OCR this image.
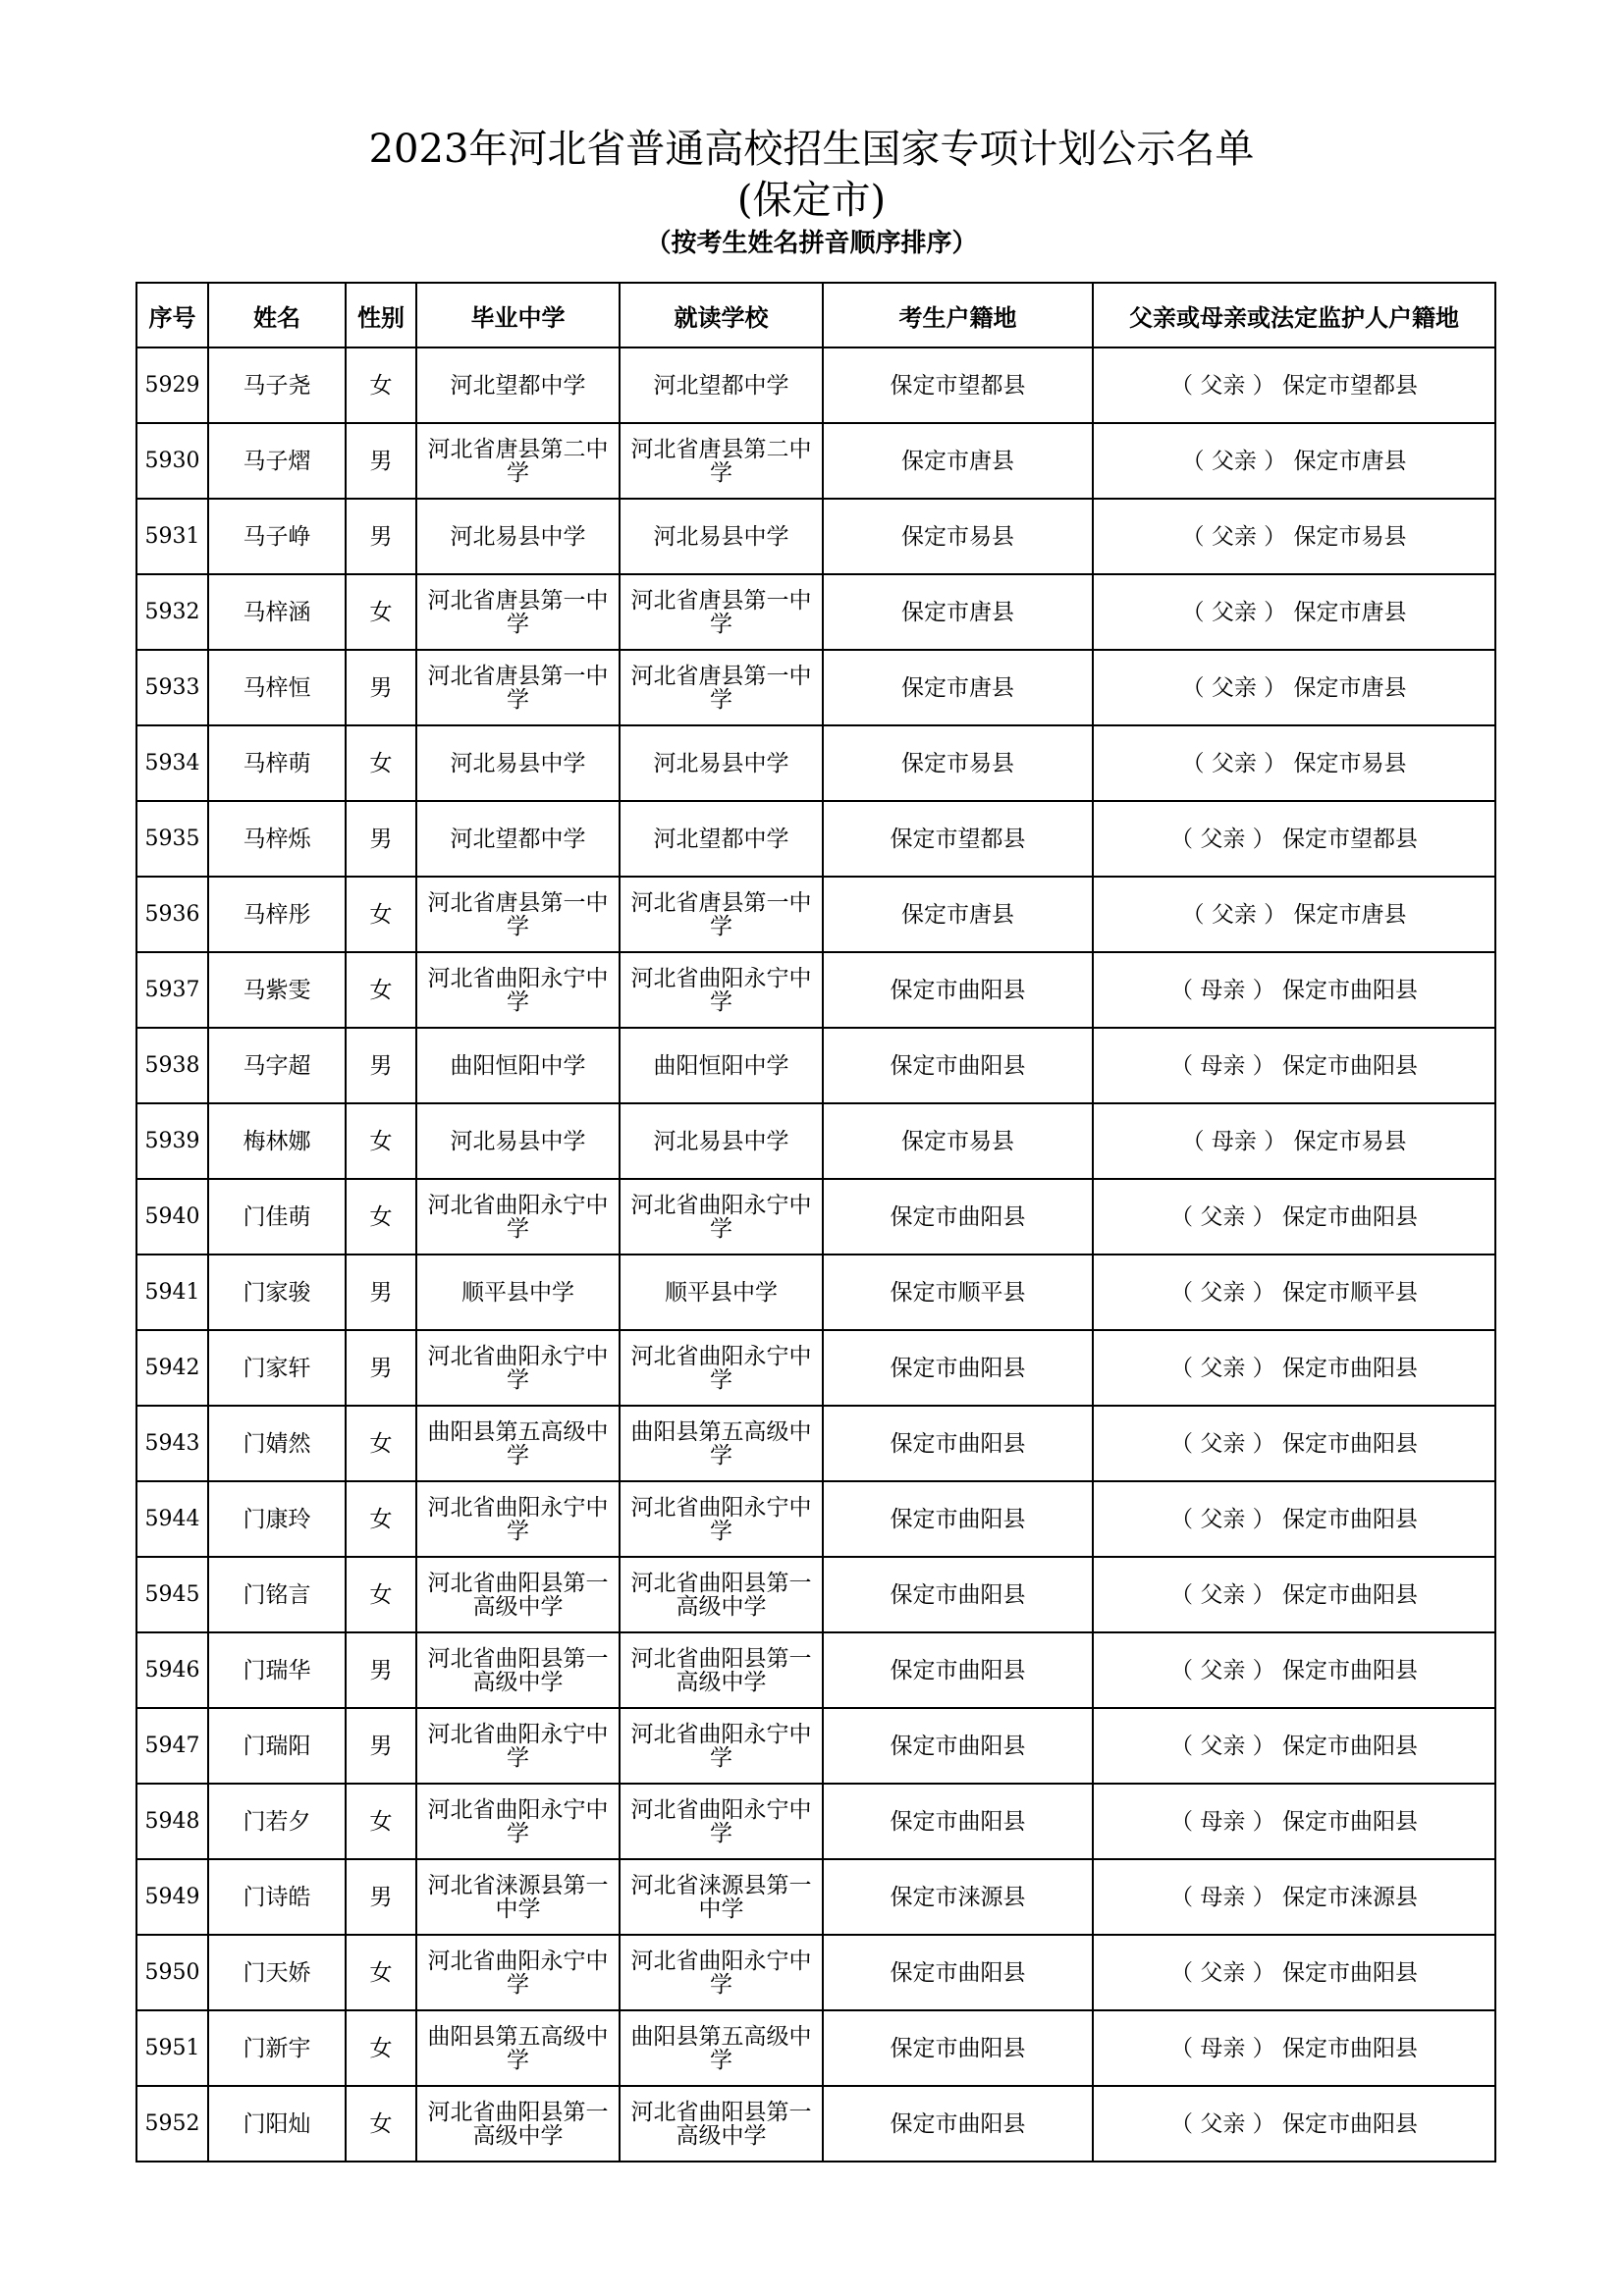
2023年河北省普通高校招生国家专项计划公示名单
(保定市)
（按考生姓名拼音顺序排序）
序号	姓名	性别	毕业中学	就读学校	考生户籍地	父亲或母亲或法定监护人户籍地
5929	马子尧	女	河北望都中学	河北望都中学	保定市望都县	（ 父亲 ） 保定市望都县
5930	马子熠	男	河北省唐县第二中学	河北省唐县第二中学	保定市唐县	（ 父亲 ） 保定市唐县
5931	马子峥	男	河北易县中学	河北易县中学	保定市易县	（ 父亲 ） 保定市易县
5932	马梓涵	女	河北省唐县第一中学	河北省唐县第一中学	保定市唐县	（ 父亲 ） 保定市唐县
5933	马梓恒	男	河北省唐县第一中学	河北省唐县第一中学	保定市唐县	（ 父亲 ） 保定市唐县
5934	马梓萌	女	河北易县中学	河北易县中学	保定市易县	（ 父亲 ） 保定市易县
5935	马梓烁	男	河北望都中学	河北望都中学	保定市望都县	（ 父亲 ） 保定市望都县
5936	马梓彤	女	河北省唐县第一中学	河北省唐县第一中学	保定市唐县	（ 父亲 ） 保定市唐县
5937	马紫雯	女	河北省曲阳永宁中学	河北省曲阳永宁中学	保定市曲阳县	（ 母亲 ） 保定市曲阳县
5938	马字超	男	曲阳恒阳中学	曲阳恒阳中学	保定市曲阳县	（ 母亲 ） 保定市曲阳县
5939	梅林娜	女	河北易县中学	河北易县中学	保定市易县	（ 母亲 ） 保定市易县
5940	门佳萌	女	河北省曲阳永宁中学	河北省曲阳永宁中学	保定市曲阳县	（ 父亲 ） 保定市曲阳县
5941	门家骏	男	顺平县中学	顺平县中学	保定市顺平县	（ 父亲 ） 保定市顺平县
5942	门家轩	男	河北省曲阳永宁中学	河北省曲阳永宁中学	保定市曲阳县	（ 父亲 ） 保定市曲阳县
5943	门婧然	女	曲阳县第五高级中学	曲阳县第五高级中学	保定市曲阳县	（ 父亲 ） 保定市曲阳县
5944	门康玲	女	河北省曲阳永宁中学	河北省曲阳永宁中学	保定市曲阳县	（ 父亲 ） 保定市曲阳县
5945	门铭言	女	河北省曲阳县第一高级中学	河北省曲阳县第一高级中学	保定市曲阳县	（ 父亲 ） 保定市曲阳县
5946	门瑞华	男	河北省曲阳县第一高级中学	河北省曲阳县第一高级中学	保定市曲阳县	（ 父亲 ） 保定市曲阳县
5947	门瑞阳	男	河北省曲阳永宁中学	河北省曲阳永宁中学	保定市曲阳县	（ 父亲 ） 保定市曲阳县
5948	门若夕	女	河北省曲阳永宁中学	河北省曲阳永宁中学	保定市曲阳县	（ 母亲 ） 保定市曲阳县
5949	门诗皓	男	河北省涞源县第一中学	河北省涞源县第一中学	保定市涞源县	（ 母亲 ） 保定市涞源县
5950	门天娇	女	河北省曲阳永宁中学	河北省曲阳永宁中学	保定市曲阳县	（ 父亲 ） 保定市曲阳县
5951	门新宇	女	曲阳县第五高级中学	曲阳县第五高级中学	保定市曲阳县	（ 母亲 ） 保定市曲阳县
5952	门阳灿	女	河北省曲阳县第一高级中学	河北省曲阳县第一高级中学	保定市曲阳县	（ 父亲 ） 保定市曲阳县
